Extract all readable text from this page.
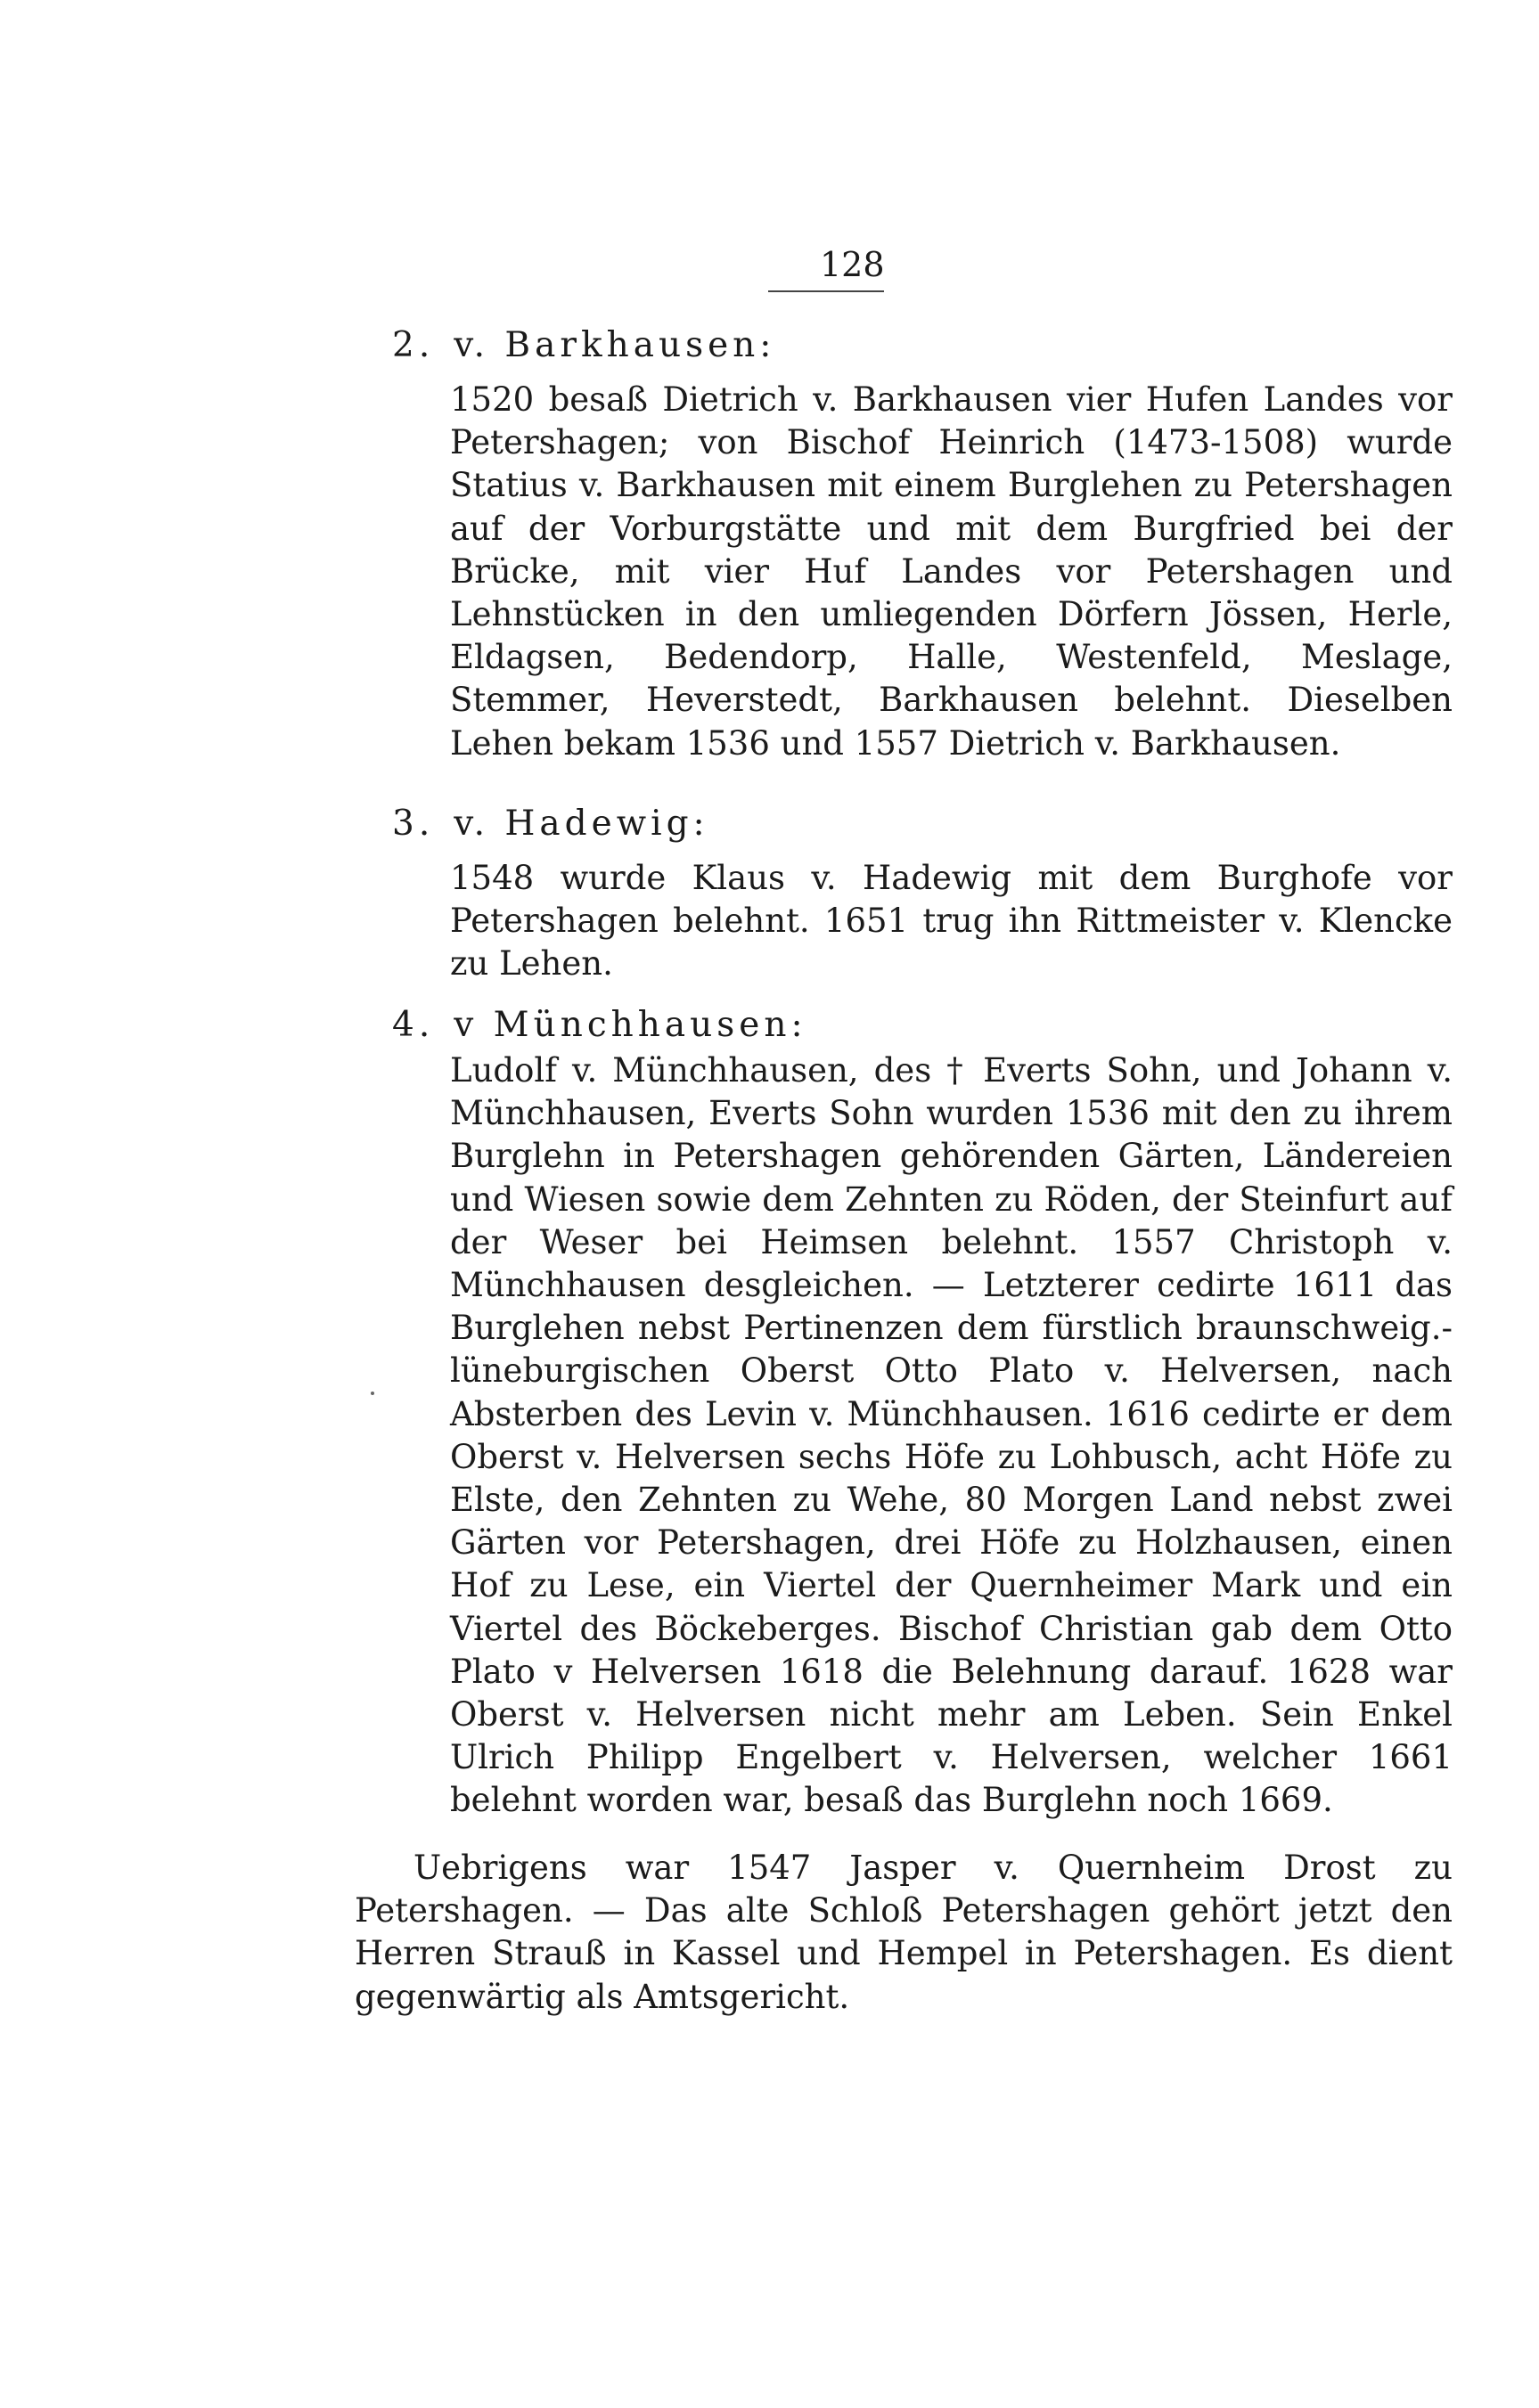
128
2. v. Barkhausen:
1520 besaß Dietrich v. Barkhausen vier Hufen Landes vor Petershagen; von Bischof Heinrich (1473-1508) wurde Statius v. Barkhausen mit einem Burglehen zu Petershagen auf der Vorburgstätte und mit dem Burgfried bei der Brücke, mit vier Huf Landes vor Petershagen und Lehnstücken in den umliegenden Dörfern Jössen, Herle, Eldagsen, Bedendorp, Halle, Westenfeld, Meslage, Stemmer, Heverstedt, Barkhausen belehnt. Dieselben Lehen bekam 1536 und 1557 Dietrich v. Barkhausen.
3. v. Hadewig:
1548 wurde Klaus v. Hadewig mit dem Burghofe vor Petershagen belehnt. 1651 trug ihn Rittmeister v. Klencke zu Lehen.
4. v Münchhausen:
Ludolf v. Münchhausen, des † Everts Sohn, und Johann v. Münchhausen, Everts Sohn wurden 1536 mit den zu ihrem Burglehn in Petershagen gehörenden Gärten, Ländereien und Wiesen sowie dem Zehnten zu Röden, der Steinfurt auf der Weser bei Heimsen belehnt. 1557 Christoph v. Münchhausen desgleichen. — Letzterer cedirte 1611 das Burglehen nebst Pertinenzen dem fürstlich braunschweig.-lüneburgischen Oberst Otto Plato v. Helversen, nach Absterben des Levin v. Münchhausen. 1616 cedirte er dem Oberst v. Helversen sechs Höfe zu Lohbusch, acht Höfe zu Elste, den Zehnten zu Wehe, 80 Morgen Land nebst zwei Gärten vor Petershagen, drei Höfe zu Holzhausen, einen Hof zu Lese, ein Viertel der Quernheimer Mark und ein Viertel des Böckeberges. Bischof Christian gab dem Otto Plato v Helversen 1618 die Belehnung darauf. 1628 war Oberst v. Helversen nicht mehr am Leben. Sein Enkel Ulrich Philipp Engelbert v. Helversen, welcher 1661 belehnt worden war, besaß das Burglehn noch 1669.
Uebrigens war 1547 Jasper v. Quernheim Drost zu Petershagen. — Das alte Schloß Petershagen gehört jetzt den Herren Strauß in Kassel und Hempel in Petershagen. Es dient gegenwärtig als Amtsgericht.
